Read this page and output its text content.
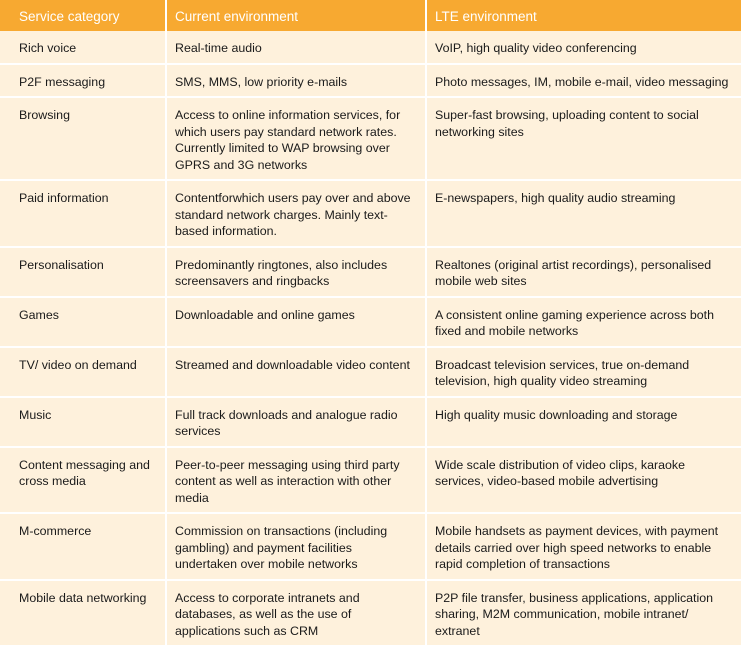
Service category	Current environment	LTE environment
Rich voice	Real-time audio	VoIP, high quality video conferencing
P2F messaging	SMS, MMS, low priority e-mails	Photo messages, IM, mobile e-mail, video messaging
Browsing	Access to online information services, for which users pay standard network rates. Currently limited to WAP browsing over GPRS and 3G networks	Super-fast browsing, uploading content to social networking sites
Paid information	Contentforwhich users pay over and above standard network charges. Mainly text-based information.	E-newspapers, high quality audio streaming
Personalisation	Predominantly ringtones, also includes screensavers and ringbacks	Realtones (original artist recordings), personalised mobile web sites
Games	Downloadable and online games	A consistent online gaming experience across both fixed and mobile networks
TV/ video on demand	Streamed and downloadable video content	Broadcast television services, true on-demand television, high quality video streaming
Music	Full track downloads and analogue radio services	High quality music downloading and storage
Content messaging and cross media	Peer-to-peer messaging using third party content as well as interaction with other media	Wide scale distribution of video clips, karaoke services, video-based mobile advertising
M-commerce	Commission on transactions (including gambling) and payment facilities undertaken over mobile networks	Mobile handsets as payment devices, with payment details carried over high speed networks to enable rapid completion of transactions
Mobile data networking	Access to corporate intranets and databases, as well as the use of applications such as CRM	P2P file transfer, business applications, application sharing, M2M communication, mobile intranet/ extranet
